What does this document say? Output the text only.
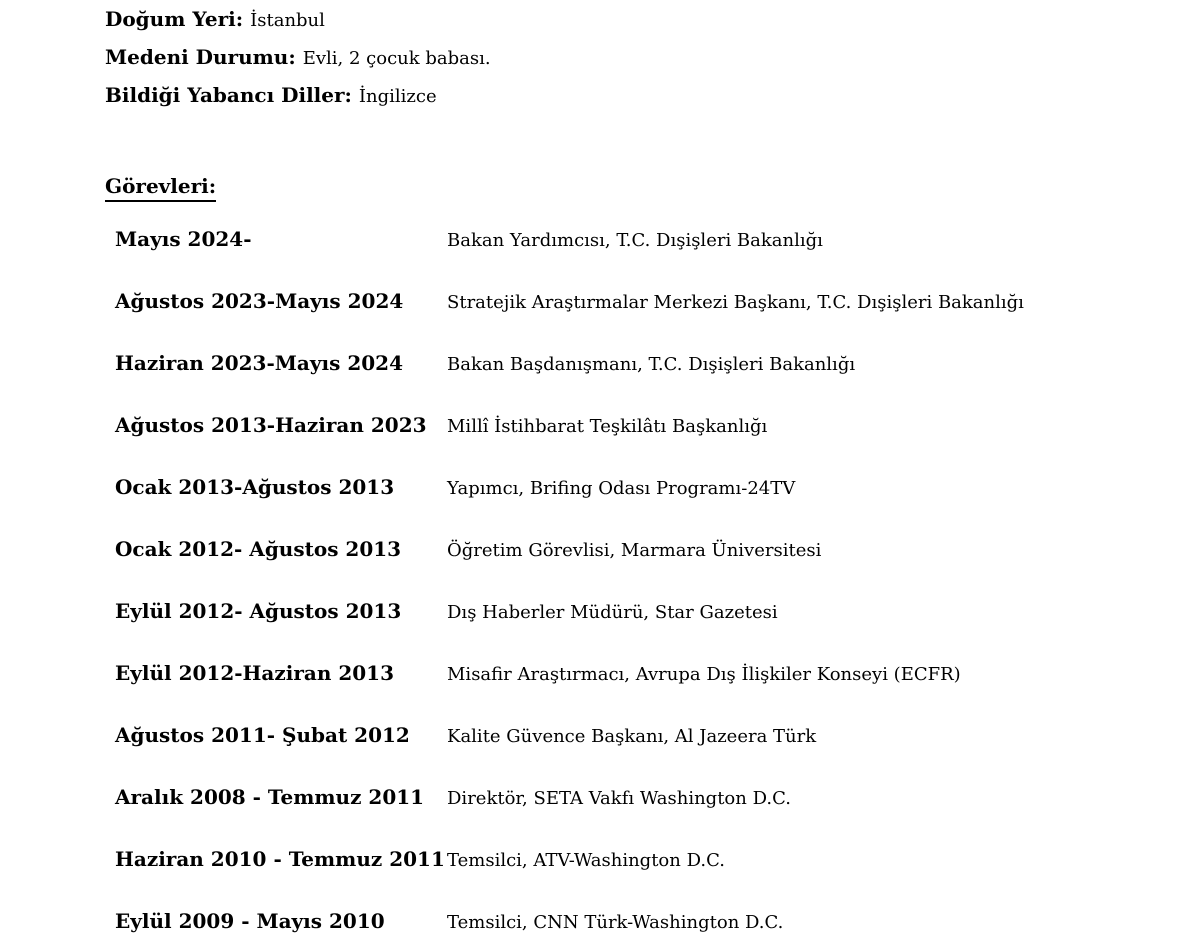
Doğum Yeri: İstanbul
Medeni Durumu: Evli, 2 çocuk babası.
Bildiği Yabancı Diller: İngilizce
Görevleri:
Mayıs 2024-	Bakan Yardımcısı, T.C. Dışişleri Bakanlığı
Ağustos 2023-Mayıs 2024	Stratejik Araştırmalar Merkezi Başkanı, T.C. Dışişleri Bakanlığı
Haziran 2023-Mayıs 2024	Bakan Başdanışmanı, T.C. Dışişleri Bakanlığı
Ağustos 2013-Haziran 2023	Millî İstihbarat Teşkilâtı Başkanlığı
Ocak 2013-Ağustos 2013	Yapımcı, Brifing Odası Programı-24TV
Ocak 2012- Ağustos 2013	Öğretim Görevlisi, Marmara Üniversitesi
Eylül 2012- Ağustos 2013	Dış Haberler Müdürü, Star Gazetesi
Eylül 2012-Haziran 2013	Misafir Araştırmacı, Avrupa Dış İlişkiler Konseyi (ECFR)
Ağustos 2011- Şubat 2012	Kalite Güvence Başkanı, Al Jazeera Türk
Aralık 2008 - Temmuz 2011	Direktör, SETA Vakfı Washington D.C.
Haziran 2010 - Temmuz 2011 Temsilci, ATV-Washington D.C.
Eylül 2009 - Mayıs 2010	Temsilci, CNN Türk-Washington D.C.
